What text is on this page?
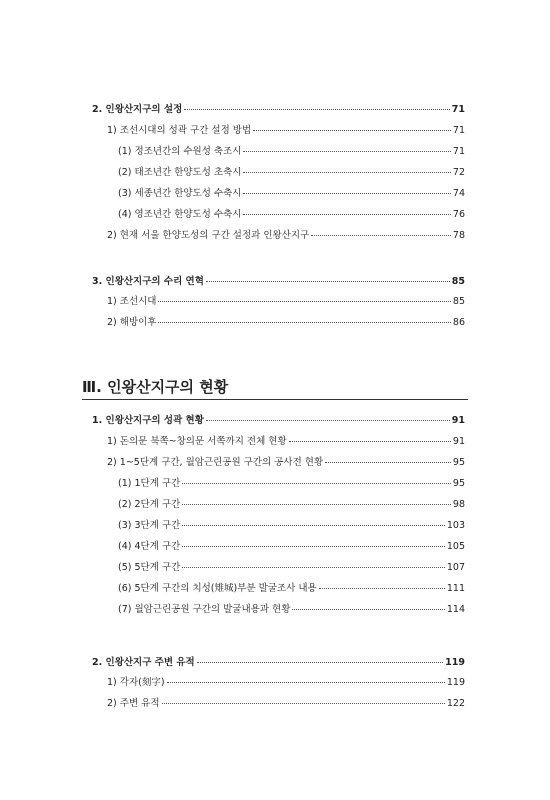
2. 인왕산지구의 설정	71
1) 조선시대의 성곽 구간 설정 방법	71
(1) 정조년간의 수원성 축조시	71
(2) 태조년간 한양도성 초축시	72
(3) 세종년간 한양도성 수축시	74
(4) 영조년간 한양도성 수축시	76
2) 현재 서울 한양도성의 구간 설정과 인왕산지구	78
3. 인왕산지구의 수리 연혁	85
1) 조선시대	85
2) 해방이후	86
Ⅲ. 인왕산지구의 현황
1. 인왕산지구의 성곽 현황	91
1) 돈의문 북쪽~창의문 서쪽까지 전체 현황	91
2) 1~5단계 구간, 월암근린공원 구간의 공사전 현황	95
(1) 1단계 구간	95
(2) 2단계 구간	98
(3) 3단계 구간	103
(4) 4단계 구간	105
(5) 5단계 구간	107
(6) 5단계 구간의 치성(雉城)부분 발굴조사 내용	111
(7) 월암근린공원 구간의 발굴내용과 현황	114
2. 인왕산지구 주변 유적	119
1) 각자(刻字)	119
2) 주변 유적	122
